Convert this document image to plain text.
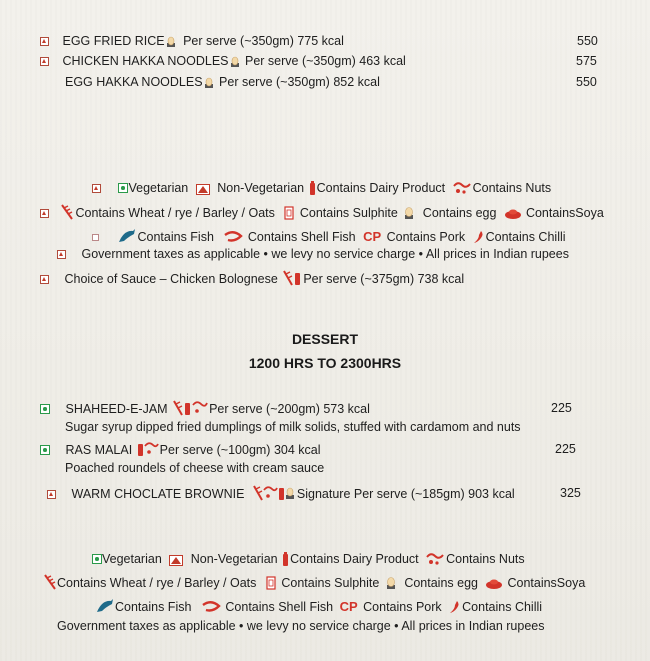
EGG FRIED RICE Per serve (~350gm) 775 kcal	550
CHICKEN HAKKA NOODLES Per serve (~350gm) 463 kcal	575
EGG HAKKA NOODLES Per serve (~350gm) 852 kcal	550
Vegetarian Non-Vegetarian Contains Dairy Product Contains Nuts
Contains Wheat / rye / Barley / Oats Contains Sulphite Contains egg ContainsSoya
Contains Fish	Contains Shell Fish CP Contains Pork Contains Chilli
Government taxes as applicable • we levy no service charge • All prices in Indian rupees
Choice of Sauce – Chicken Bolognese Per serve (~375gm) 738 kcal
DESSERT
1200 HRS TO 2300HRS
SHAHEED-E-JAM	Per serve (~200gm) 573 kcal	225
Sugar syrup dipped fried dumplings of milk solids, stuffed with cardamom and nuts
RAS MALAI Per serve (~100gm) 304 kcal	225
Poached roundels of cheese with cream sauce
WARM CHOCLATE BROWNIE	Signature Per serve (~185gm) 903 kcal	325
Vegetarian Non-Vegetarian Contains Dairy Product Contains Nuts
Contains Wheat / rye / Barley / Oats Contains Sulphite Contains egg ContainsSoya
Contains Fish	Contains Shell Fish CP Contains Pork Contains Chilli
Government taxes as applicable • we levy no service charge • All prices in Indian rupees
